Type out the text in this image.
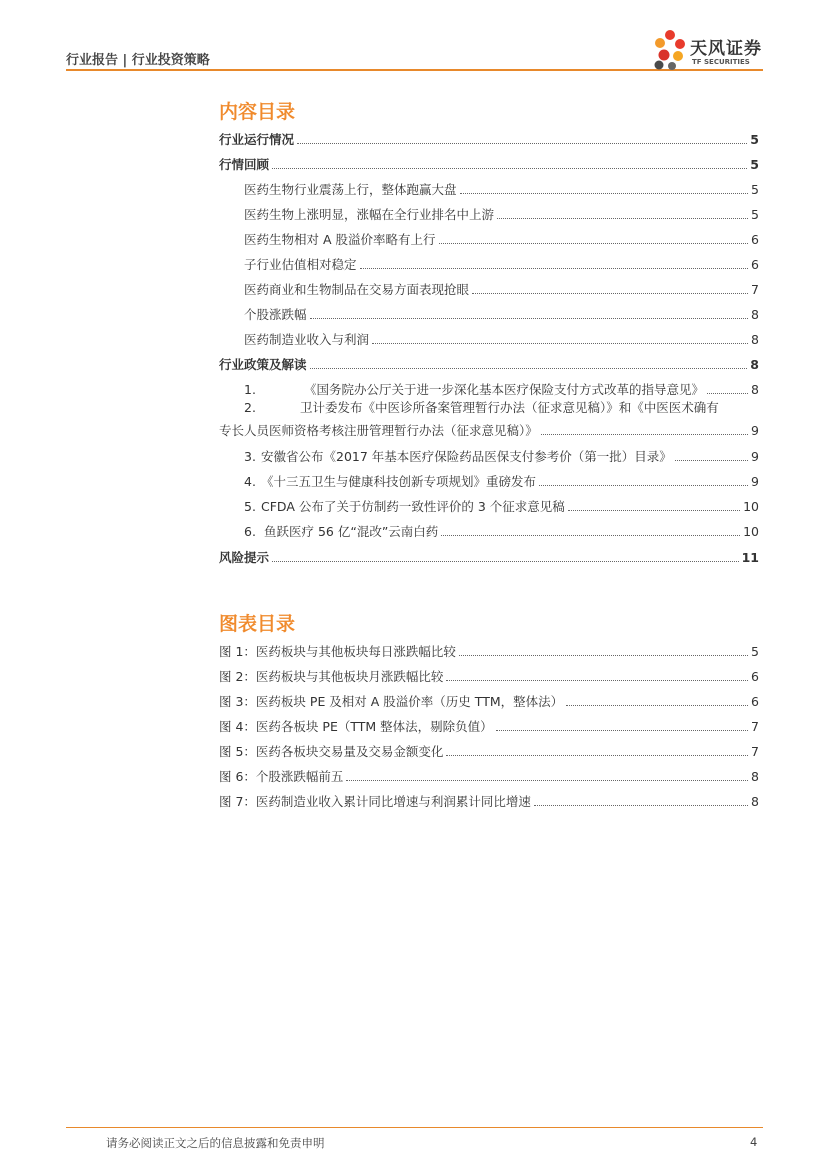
行业报告 | 行业投资策略
天风证券
TF SECURITIES
内容目录
行业运行情况	5
行情回顾	5
医药生物行业震荡上行，整体跑赢大盘	5
医药生物上涨明显，涨幅在全行业排名中上游	5
医药生物相对 A 股溢价率略有上行	6
子行业估值相对稳定	6
医药商业和生物制品在交易方面表现抢眼	7
个股涨跌幅	8
医药制造业收入与利润	8
行业政策及解读	8
1.	《国务院办公厅关于进一步深化基本医疗保险支付方式改革的指导意见》	8
2.	卫计委发布《中医诊所备案管理暂行办法（征求意见稿）》和《中医医术确有
专长人员医师资格考核注册管理暂行办法（征求意见稿）》	9
3. 安徽省公布《2017 年基本医疗保险药品医保支付参考价（第一批）目录》	9
4. 《十三五卫生与健康科技创新专项规划》重磅发布	9
5. CFDA 公布了关于仿制药一致性评价的 3 个征求意见稿	10
6. 鱼跃医疗 56 亿“混改”云南白药	10
风险提示	11
图表目录
图 1：医药板块与其他板块每日涨跌幅比较	5
图 2：医药板块与其他板块月涨跌幅比较	6
图 3：医药板块 PE 及相对 A 股溢价率（历史 TTM，整体法）	6
图 4：医药各板块 PE（TTM 整体法，剔除负值）	7
图 5：医药各板块交易量及交易金额变化	7
图 6：个股涨跌幅前五	8
图 7：医药制造业收入累计同比增速与利润累计同比增速	8
请务必阅读正文之后的信息披露和免责申明	4
